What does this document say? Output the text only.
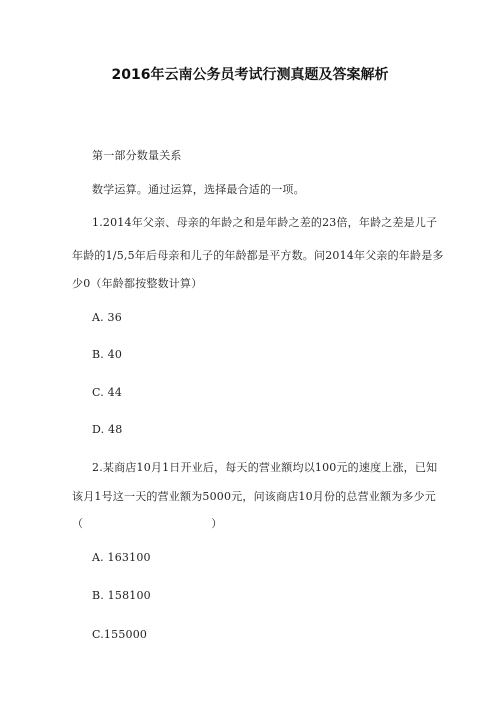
2016年云南公务员考试行测真题及答案解析
第一部分数量关系
数学运算。通过运算，选择最合适的一项。
1.2014年父亲、母亲的年龄之和是年龄之差的23倍，年龄之差是儿子
年龄的1/5,5年后母亲和儿子的年龄都是平方数。问2014年父亲的年龄是多
少0（年龄都按整数计算）
A. 36
B. 40
C. 44
D. 48
2.某商店10月1日开业后，每天的营业额均以100元的速度上涨，已知
该月1号这一天的营业额为5000元，问该商店10月份的总营业额为多少元
（	）
A. 163100
B. 158100
C.155000
